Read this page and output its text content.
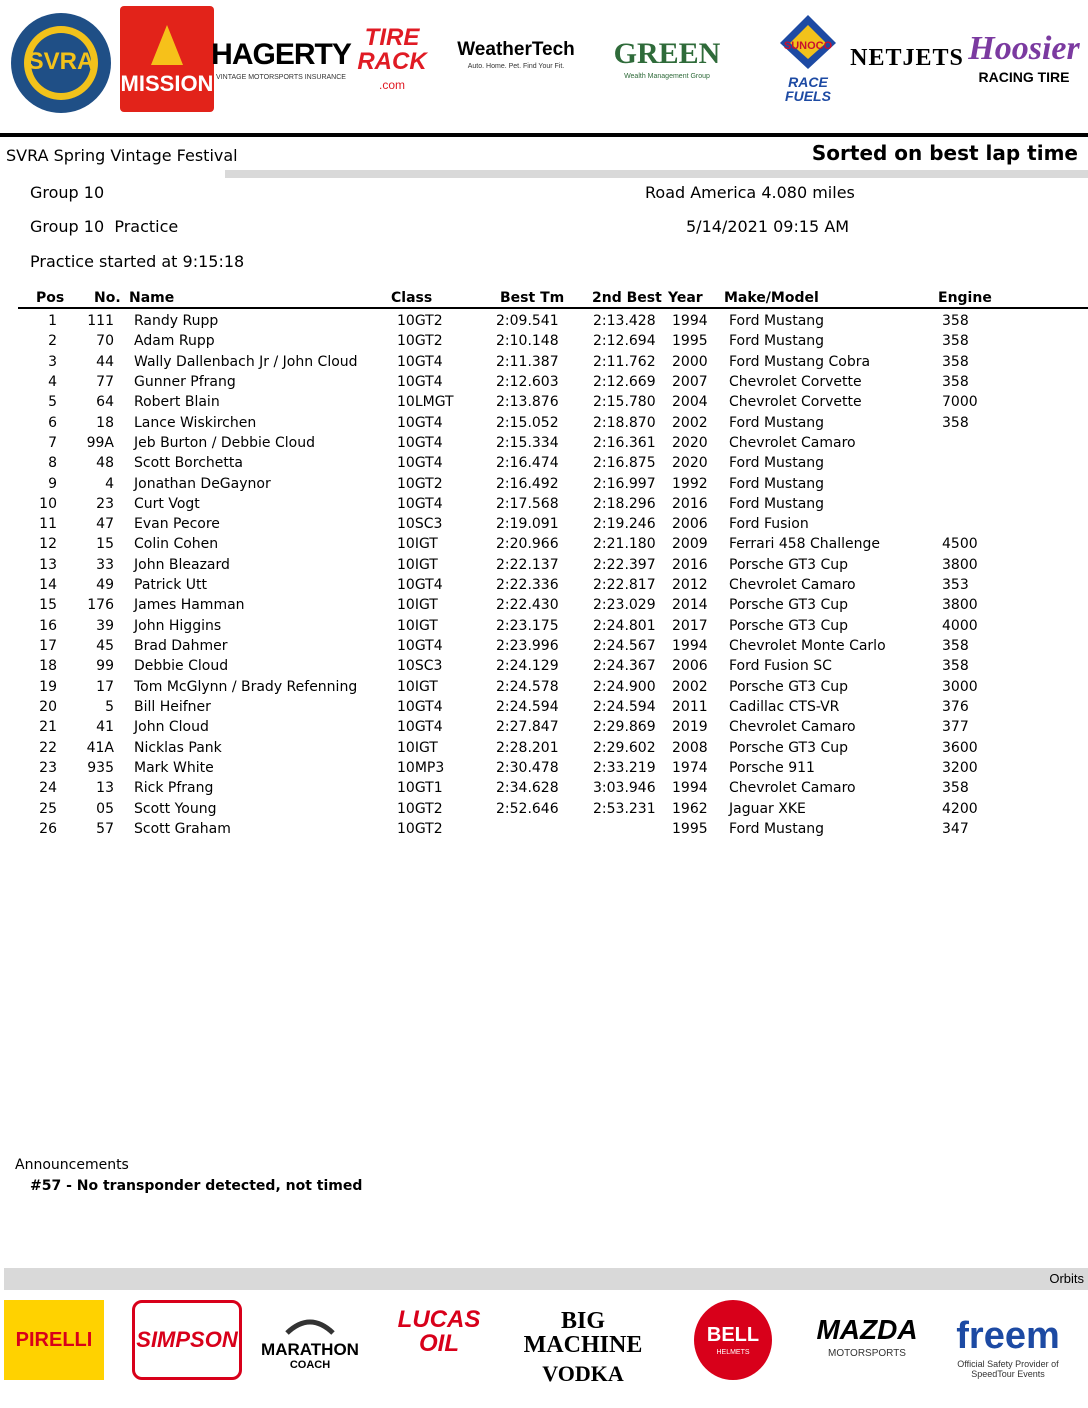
SVRA
MISSION
HAGERTY
VINTAGE MOTORSPORTS INSURANCE
TIRE RACK
.com
WeatherTech
Auto. Home. Pet. Find Your Fit. GREEN
Wealth Management Group
SUNOCO
RACE FUELS
NETJETS Hoosier
RACING TIRE
SVRA Spring Vintage Festival	Sorted on best lap time
Group 10
Group 10  Practice
Practice started at 9:15:18
Road America 4.080 miles
5/14/2021 09:15 AM
Pos No. Name	Class	Best Tm 2nd Best Year Make/Model	Engine
1	111 Randy Rupp	10GT2	2:09.541 2:13.428 1994 Ford Mustang	358
2	70 Adam Rupp	10GT2	2:10.148 2:12.694 1995 Ford Mustang	358
3	44 Wally Dallenbach Jr / John Cloud	10GT4	2:11.387 2:11.762 2000 Ford Mustang Cobra	358
4	77 Gunner Pfrang	10GT4	2:12.603 2:12.669 2007 Chevrolet Corvette	358
5	64 Robert Blain	10LMGT	2:13.876 2:15.780 2004 Chevrolet Corvette	7000
6	18 Lance Wiskirchen	10GT4	2:15.052 2:18.870 2002 Ford Mustang	358
7	99A Jeb Burton / Debbie Cloud	10GT4	2:15.334 2:16.361 2020 Chevrolet Camaro
8	48 Scott Borchetta	10GT4	2:16.474 2:16.875 2020 Ford Mustang
9	4 Jonathan DeGaynor	10GT2	2:16.492 2:16.997 1992 Ford Mustang
10	23 Curt Vogt	10GT4	2:17.568 2:18.296 2016 Ford Mustang
11	47 Evan Pecore	10SC3	2:19.091 2:19.246 2006 Ford Fusion
12	15 Colin Cohen	10IGT	2:20.966 2:21.180 2009 Ferrari 458 Challenge	4500
13	33 John Bleazard	10IGT	2:22.137 2:22.397 2016 Porsche GT3 Cup	3800
14	49 Patrick Utt	10GT4	2:22.336 2:22.817 2012 Chevrolet Camaro	353
15	176 James Hamman	10IGT	2:22.430 2:23.029 2014 Porsche GT3 Cup	3800
16	39 John Higgins	10IGT	2:23.175 2:24.801 2017 Porsche GT3 Cup	4000
17	45 Brad Dahmer	10GT4	2:23.996 2:24.567 1994 Chevrolet Monte Carlo	358
18	99 Debbie Cloud	10SC3	2:24.129 2:24.367 2006 Ford Fusion SC	358
19	17 Tom McGlynn / Brady Refenning	10IGT	2:24.578 2:24.900 2002 Porsche GT3 Cup	3000
20	5 Bill Heifner	10GT4	2:24.594 2:24.594 2011 Cadillac CTS-VR	376
21	41 John Cloud	10GT4	2:27.847 2:29.869 2019 Chevrolet Camaro	377
22	41A Nicklas Pank	10IGT	2:28.201 2:29.602 2008 Porsche GT3 Cup	3600
23	935 Mark White	10MP3	2:30.478 2:33.219 1974 Porsche 911	3200
24	13 Rick Pfrang	10GT1	2:34.628 3:03.946 1994 Chevrolet Camaro	358
25	05 Scott Young	10GT2	2:52.646 2:53.231 1962 Jaguar XKE	4200
26	57 Scott Graham	10GT2	1995 Ford Mustang	347
Announcements
#57 - No transponder detected, not timed
Orbits
PIRELLI SIMPSON MARATHON
COACH
LUCAS OIL
BIG MACHINE
VODKA
BELL
HELMETS
MAZDA
MOTORSPORTS freem
Official Safety Provider of SpeedTour Events
